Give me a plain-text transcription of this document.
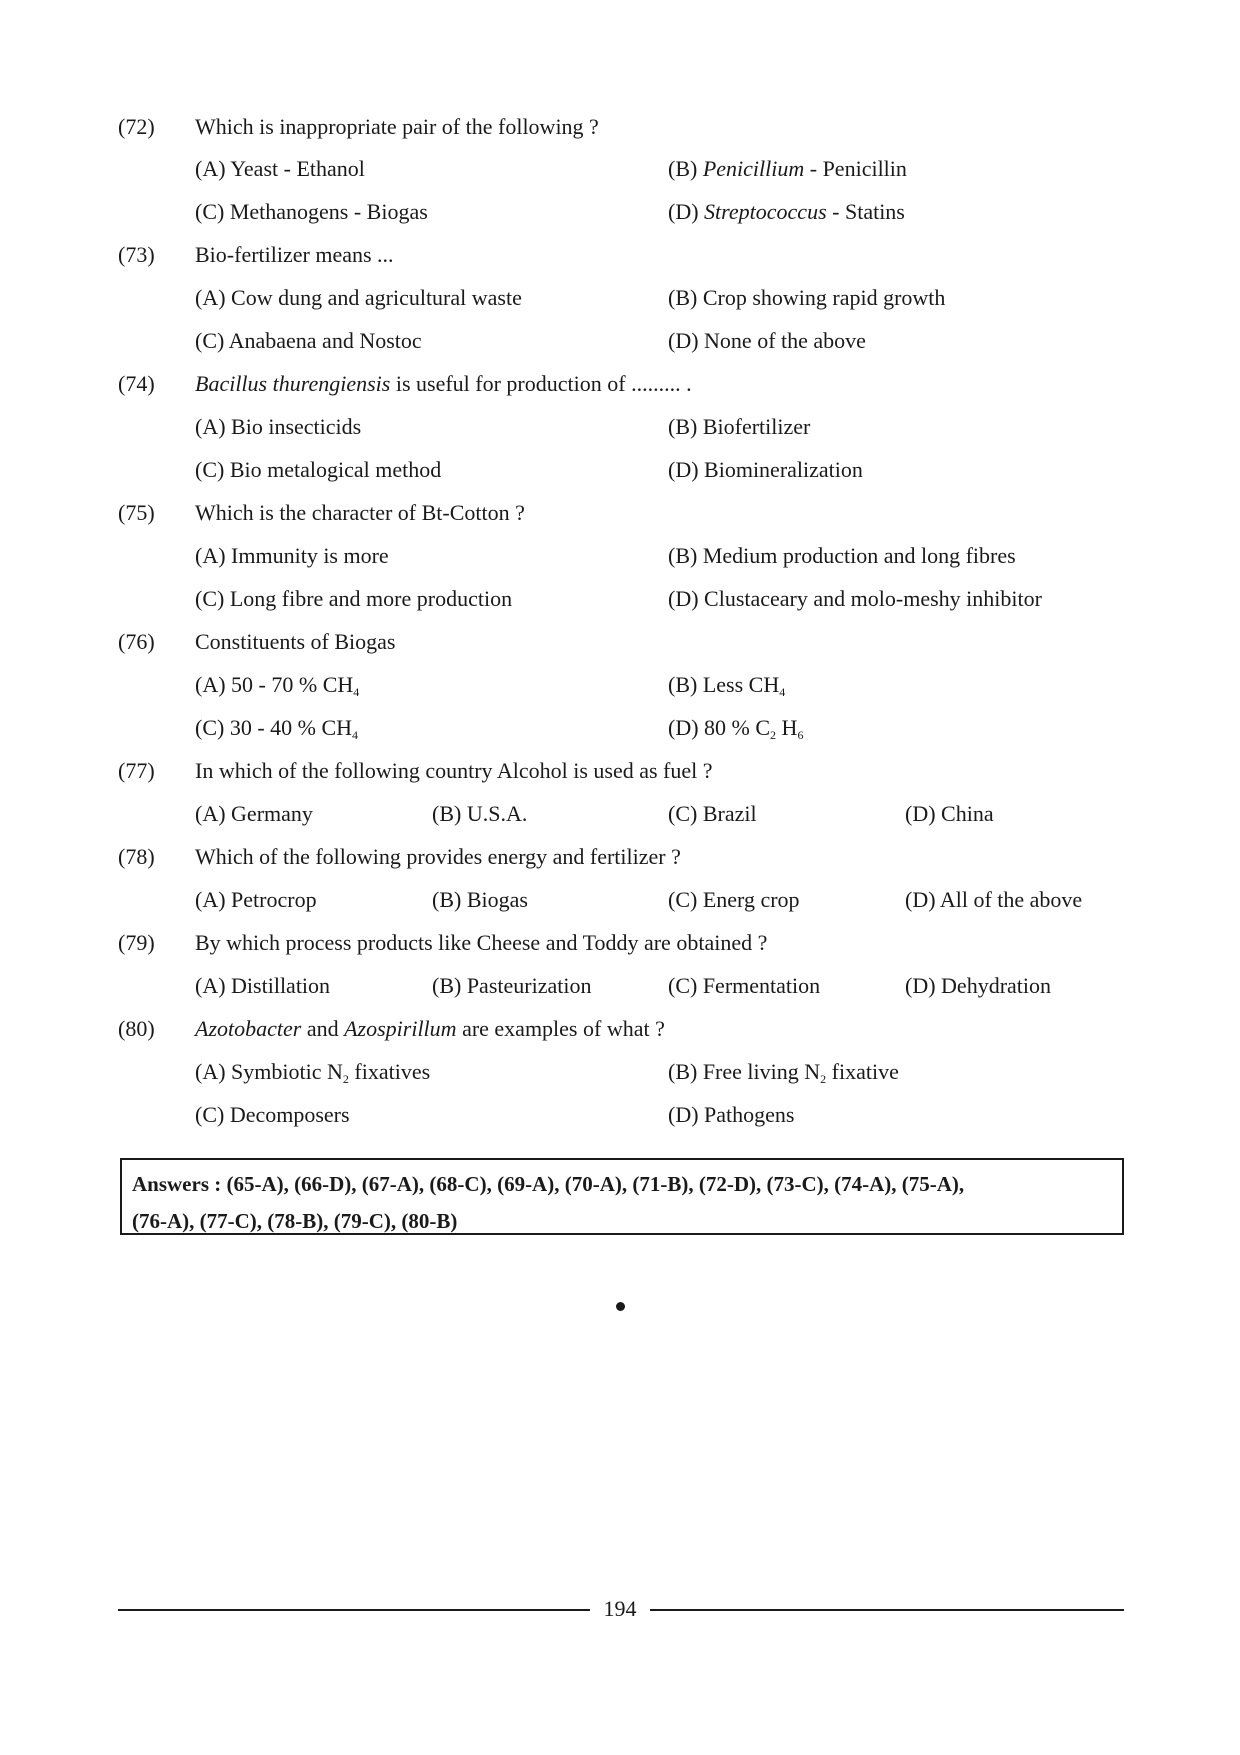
(72) Which is inappropriate pair of the following ?
(A) Yeast - Ethanol	(B) Penicillium - Penicillin
(C) Methanogens - Biogas	(D) Streptococcus - Statins
(73) Bio-fertilizer means ...
(A) Cow dung and agricultural waste	(B) Crop showing rapid growth
(C) Anabaena and Nostoc	(D) None of the above
(74) Bacillus thurengiensis is useful for production of ......... .
(A) Bio insecticids	(B) Biofertilizer
(C) Bio metalogical method	(D) Biomineralization
(75) Which is the character of Bt-Cotton ?
(A) Immunity is more	(B) Medium production and long fibres
(C) Long fibre and more production	(D) Clustaceary and molo-meshy inhibitor
(76) Constituents of Biogas
(A) 50 - 70 % $CH_4$	(B) Less $CH_4$
(C) 30 - 40 % $CH_4$	(D) 80 % $C_2$ $H_6$
(77) In which of the following country Alcohol is used as fuel ?
(A) Germany	(B) U.S.A.	(C) Brazil	(D) China
(78) Which of the following provides energy and fertilizer ?
(A) Petrocrop	(B) Biogas	(C) Energ crop	(D) All of the above
(79) By which process products like Cheese and Toddy are obtained ?
(A) Distillation	(B) Pasteurization	(C) Fermentation	(D) Dehydration
(80) Azotobacter and Azospirillum are examples of what ?
(A) Symbiotic $N_2$ fixatives	(B) Free living $N_2$ fixative
(C) Decomposers	(D) Pathogens
Answers : (65-A), (66-D), (67-A), (68-C), (69-A), (70-A), (71-B), (72-D), (73-C), (74-A), (75-A),
(76-A), (77-C), (78-B), (79-C), (80-B)
194
